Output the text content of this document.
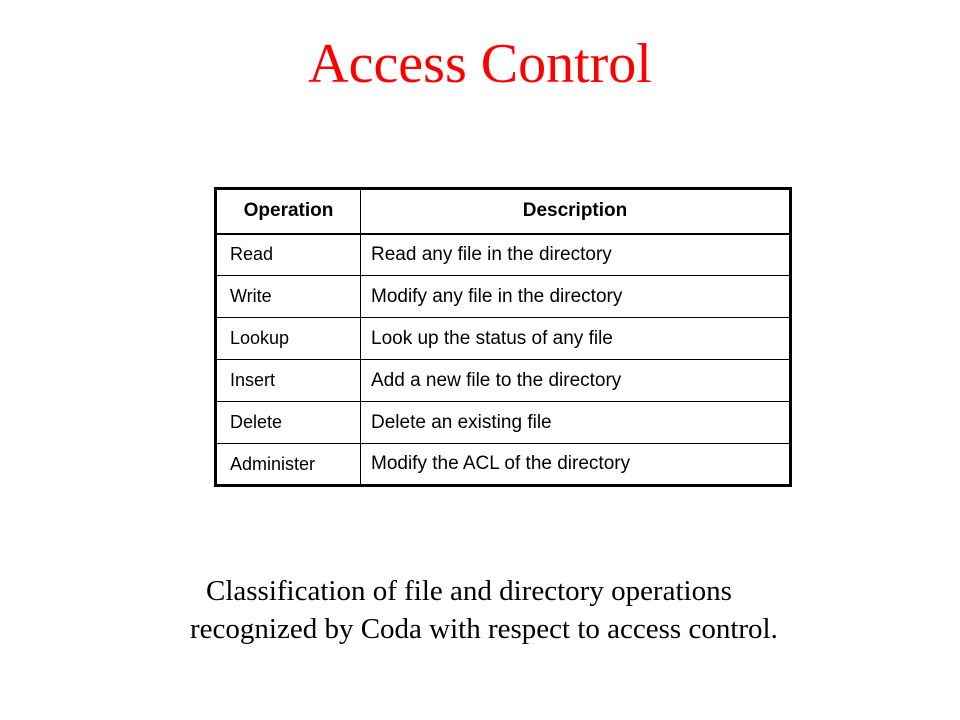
Access Control
Operation	Description
Read	Read any file in the directory
Write	Modify any file in the directory
Lookup	Look up the status of any file
Insert	Add a new file to the directory
Delete	Delete an existing file
Administer	Modify the ACL of the directory

Classification of file and directory operations
recognized by Coda with respect to access control.
